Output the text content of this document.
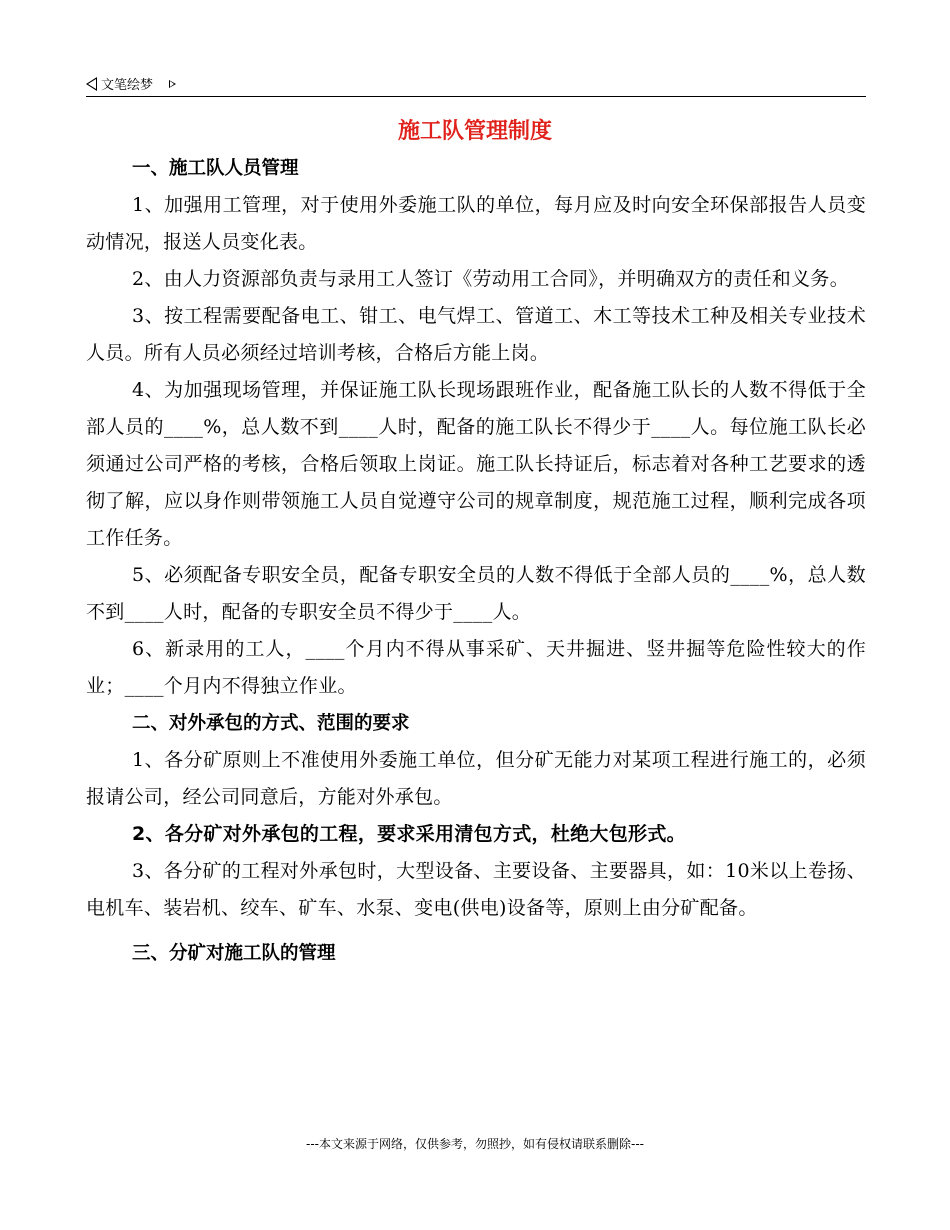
文笔绘梦
施工队管理制度

一、施工队人员管理

1、加强用工管理，对于使用外委施工队的单位，每月应及时向安全环保部报告人员变动情况，报送人员变化表。

2、由人力资源部负责与录用工人签订《劳动用工合同》，并明确双方的责任和义务。

3、按工程需要配备电工、钳工、电气焊工、管道工、木工等技术工种及相关专业技术人员。所有人员必须经过培训考核，合格后方能上岗。

4、为加强现场管理，并保证施工队长现场跟班作业，配备施工队长的人数不得低于全部人员的____%，总人数不到____人时，配备的施工队长不得少于____人。每位施工队长必须通过公司严格的考核，合格后领取上岗证。施工队长持证后，标志着对各种工艺要求的透彻了解，应以身作则带领施工人员自觉遵守公司的规章制度，规范施工过程，顺利完成各项工作任务。

5、必须配备专职安全员，配备专职安全员的人数不得低于全部人员的____%，总人数不到____人时，配备的专职安全员不得少于____人。

6、新录用的工人，____个月内不得从事采矿、天井掘进、竖井掘等危险性较大的作业；____个月内不得独立作业。

二、对外承包的方式、范围的要求

1、各分矿原则上不准使用外委施工单位，但分矿无能力对某项工程进行施工的，必须报请公司，经公司同意后，方能对外承包。

2、各分矿对外承包的工程，要求采用清包方式，杜绝大包形式。

3、各分矿的工程对外承包时，大型设备、主要设备、主要器具，如：10米以上卷扬、电机车、装岩机、绞车、矿车、水泵、变电(供电)设备等，原则上由分矿配备。

三、分矿对施工队的管理

---本文来源于网络，仅供参考，勿照抄，如有侵权请联系删除---
